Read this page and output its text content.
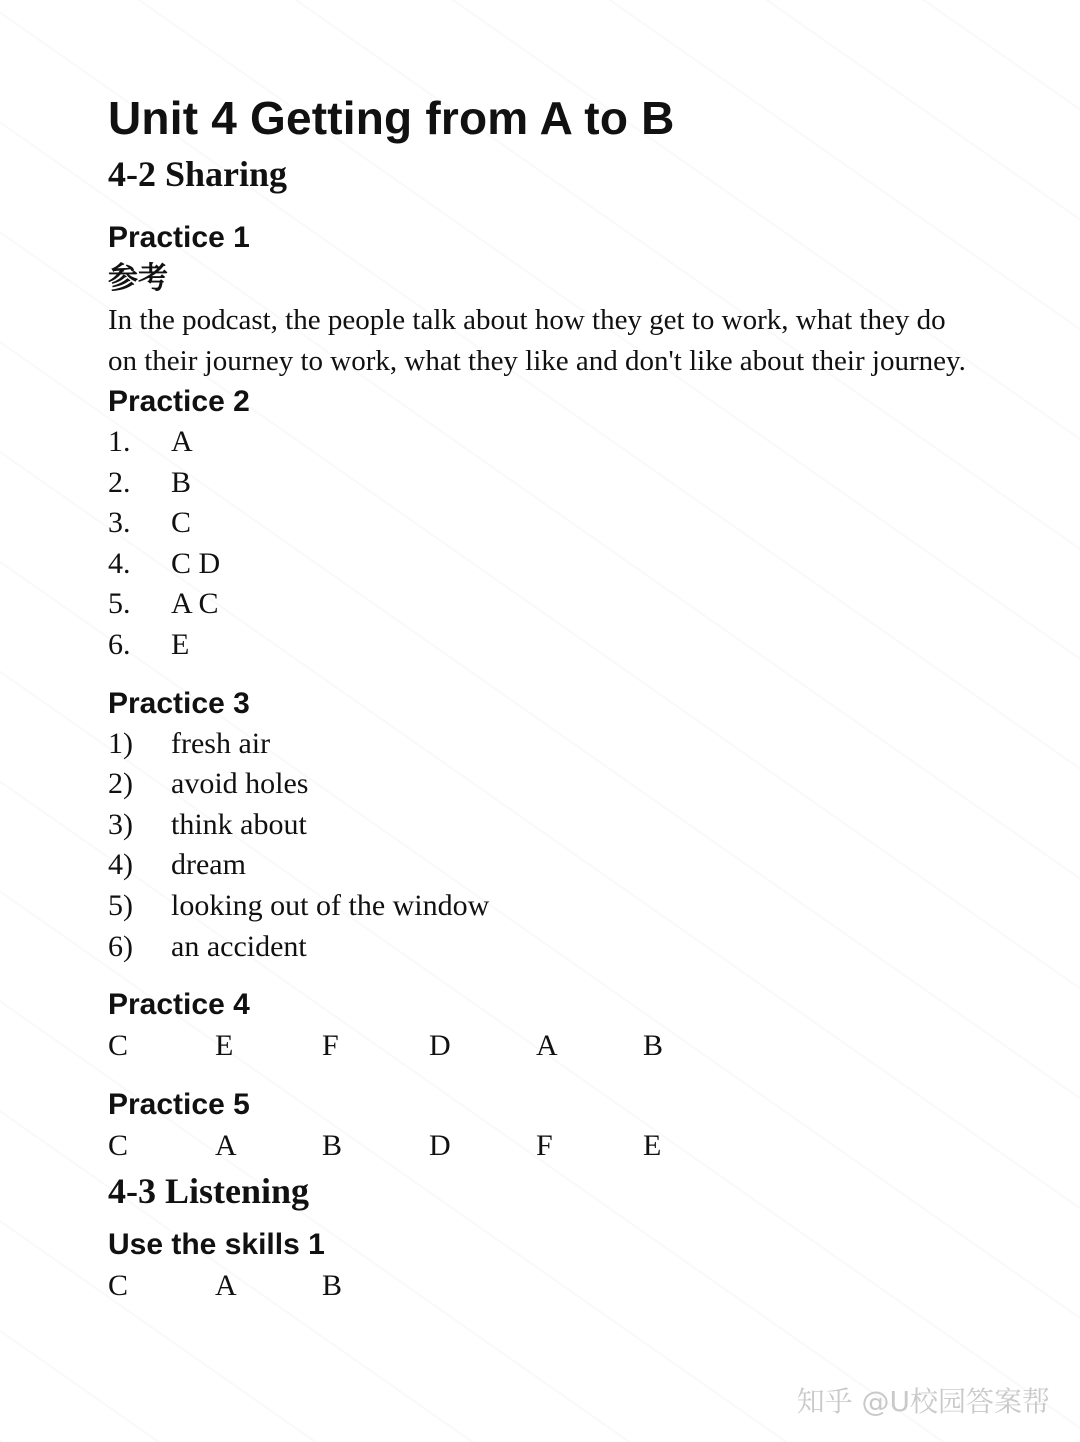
Unit 4 Getting from A to B
4-2 Sharing
Practice 1
参考

In the podcast, the people talk about how they get to work, what they do on their journey to work, what they like and don't like about their journey.

Practice 2
1.	A
2.	B
3.	C
4.	C D
5.	A C
6.	E
Practice 3
1)	fresh air
2)	avoid holes
3)	think about
4)	dream
5)	looking out of the window
6)	an accident
Practice 4
C	E	F	D	A	B
Practice 5
C	A	B	D	F	E
4-3 Listening
Use the skills 1
C	A	B
知乎 @U校园答案帮
